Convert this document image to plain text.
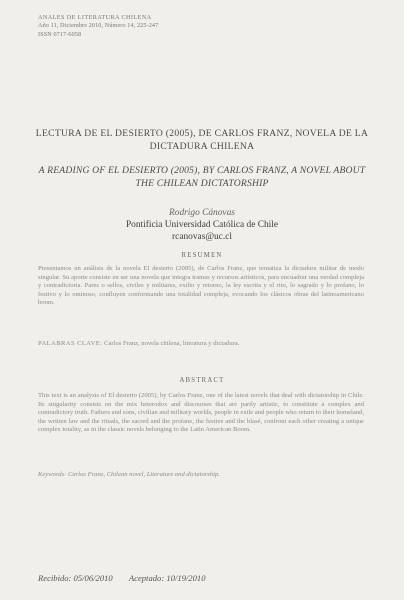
ANALES DE LITERATURA CHILENA
Año 11, Diciembre 2010, Número 14, 225-247
ISSN 0717-6058
LECTURA DE EL DESIERTO (2005), DE CARLOS FRANZ, NOVELA DE LA DICTADURA CHILENA
A READING OF EL DESIERTO (2005), BY CARLOS FRANZ, A NOVEL ABOUT THE CHILEAN DICTATORSHIP
Rodrigo Cánovas
Pontificia Universidad Católica de Chile
rcanovas@uc.cl
RESUMEN
Presentamos un análisis de la novela El desierto (2005), de Carlos Franz, que tematiza la dictadura militar de modo singular. Su aporte consiste en ser una novela que integra tramas y recursos artísticos, para encuadrar una verdad compleja y contradictoria. Pares o sellos, civiles y militares, exilio y retorno, la ley escrita y el rito, lo sagrado y lo profano, lo festivo y lo ominoso, confluyen conformando una totalidad compleja, evocando los clásicos obras del latinoamericano boom.
PALABRAS CLAVE: Carlos Franz, novela chilena, literatura y dictadura.
ABSTRACT
This text is an analysis of El desierto (2005), by Carlos Franz, one of the latest novels that deal with dictatorship in Chile. Its singularity consists on the mix heterodox and discourses that are partly artistic, to constitute a complex and contradictory truth. Fathers and sons, civilian and military worlds, people in exile and people who return to their homeland, the written law and the rituals, the sacred and the profane, the festive and the blasé, confront each other creating a unique complex totality, as in the classic novels belonging to the Latin American Boom.
Keywords: Carlos Franz, Chilean novel, Literature and dictatorship.
Recibido: 05/06/2010 Aceptado: 10/19/2010
